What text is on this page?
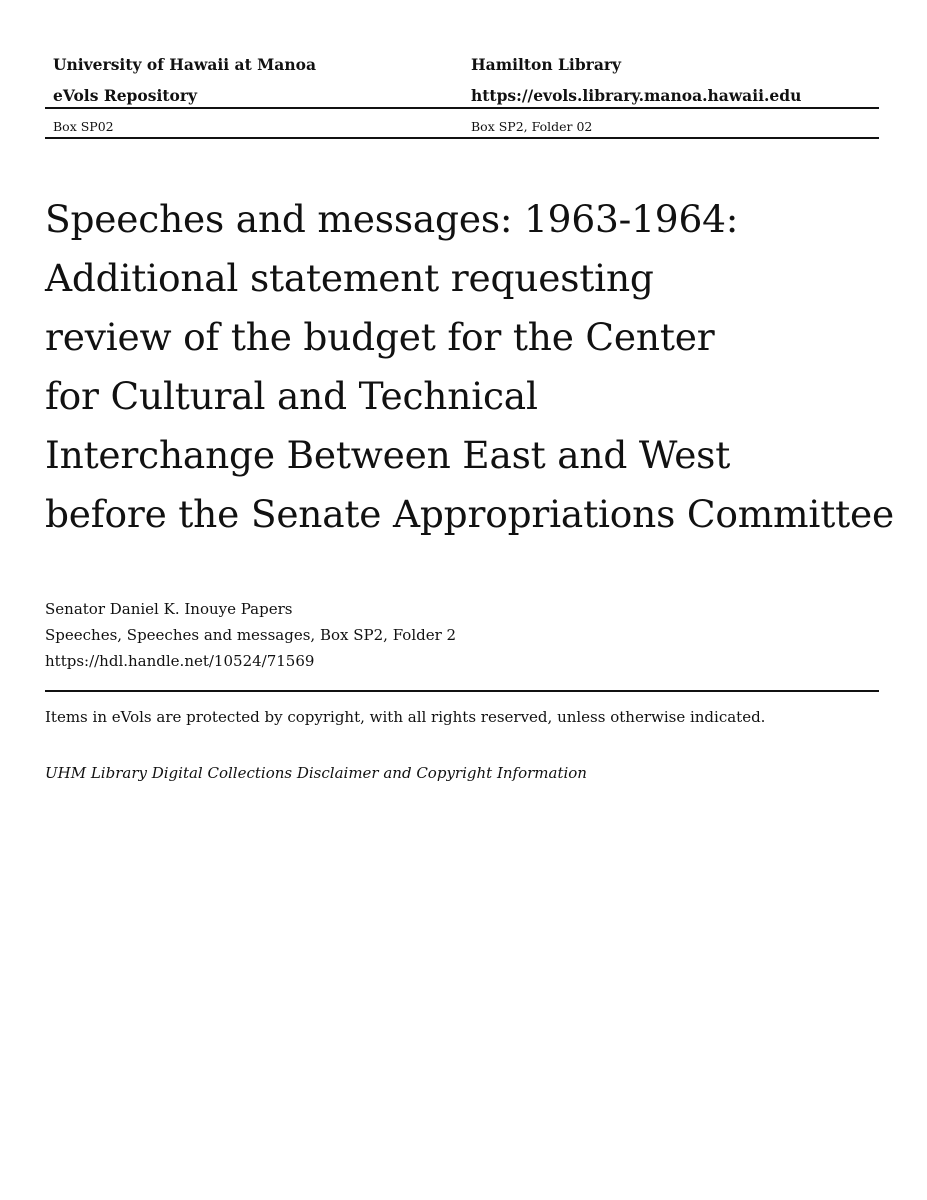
University of Hawaii at Manoa	Hamilton Library
eVols Repository	https://evols.library.manoa.hawaii.edu
Box SP02	Box SP2, Folder 02
Speeches and messages: 1963-1964:
Additional statement requesting
review of the budget for the Center
for Cultural and Technical
Interchange Between East and West
before the Senate Appropriations Committee
Senator Daniel K. Inouye Papers
Speeches, Speeches and messages, Box SP2, Folder 2
https://hdl.handle.net/10524/71569
Items in eVols are protected by copyright, with all rights reserved, unless otherwise indicated.
UHM Library Digital Collections Disclaimer and Copyright Information
